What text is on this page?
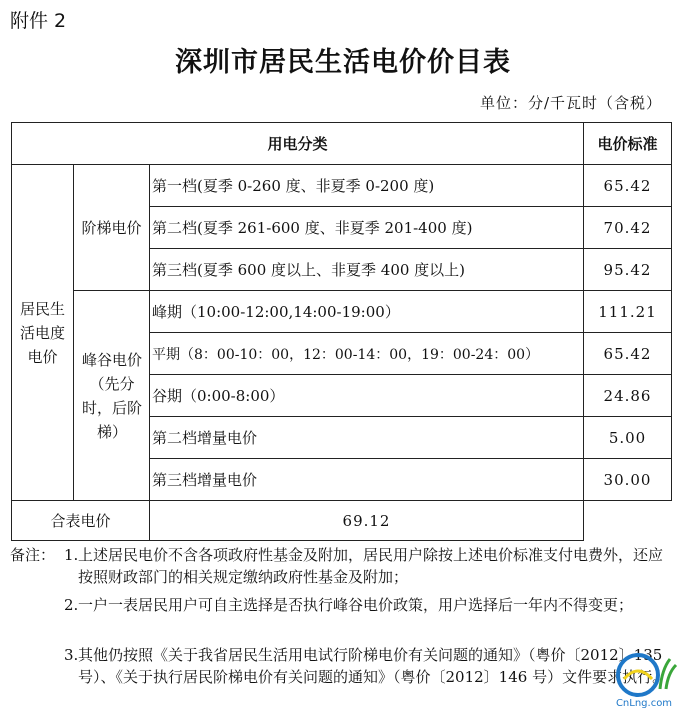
附件 2
深圳市居民生活电价价目表
单位：分/千瓦时（含税）
用电分类			电价标准

居民生活电度电价	阶梯电价	第一档(夏季 0-260 度、非夏季 0-200 度)	65.42
		第二档(夏季 261-600 度、非夏季 201-400 度)	70.42
		第三档(夏季 600 度以上、非夏季 400 度以上)	95.42

	峰谷电价（先分时，后阶梯）	峰期（10:00-12:00,14:00-19:00）	111.21
		平期（8：00-10：00，12：00-14：00，19：00-24：00）	65.42
		谷期（0:00-8:00）	24.86
		第二档增量电价	5.00
		第三档增量电价	30.00
合表电价		69.12	
备注： 1. 上述居民电价不含各项政府性基金及附加，居民用户除按上述电价标准支付电费外，还应按照财政部门的相关规定缴纳政府性基金及附加；
2. 一户一表居民用户可自主选择是否执行峰谷电价政策，用户选择后一年内不得变更；
3. 其他仍按照《关于我省居民生活用电试行阶梯电价有关问题的通知》（粤价〔2012〕135 号）、《关于执行居民阶梯电价有关问题的通知》（粤价〔2012〕146 号）文件要求执行。
CnLng.com
